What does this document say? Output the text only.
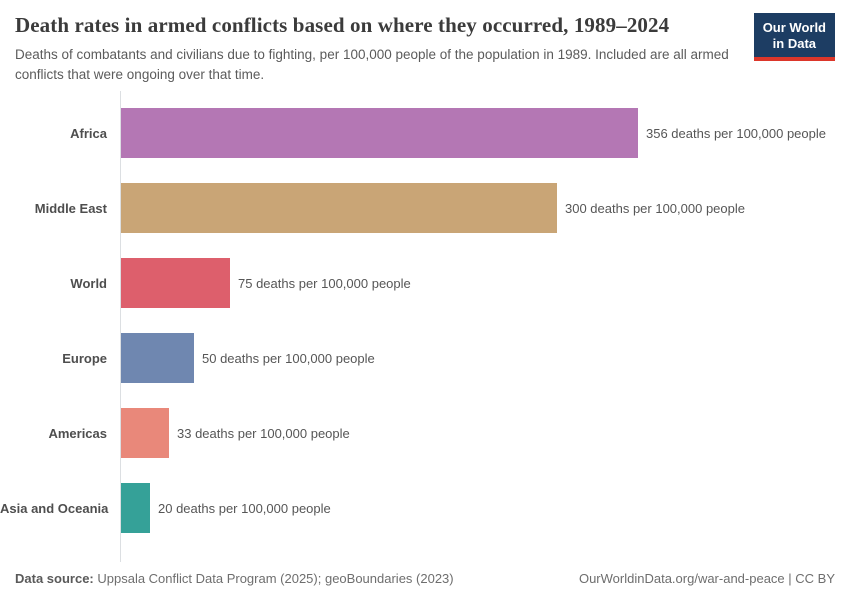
Death rates in armed conflicts based on where they occurred, 1989–2024
Deaths of combatants and civilians due to fighting, per 100,000 people of the population in 1989. Included are all armed conflicts that were ongoing over that time.
Our World
in Data
Africa	356 deaths per 100,000 people
Middle East	300 deaths per 100,000 people
World	75 deaths per 100,000 people
Europe	50 deaths per 100,000 people
Americas	33 deaths per 100,000 people
Asia and Oceania	20 deaths per 100,000 people
Data source: Uppsala Conflict Data Program (2025); geoBoundaries (2023)	OurWorldinData.org/war-and-peace | CC BY
